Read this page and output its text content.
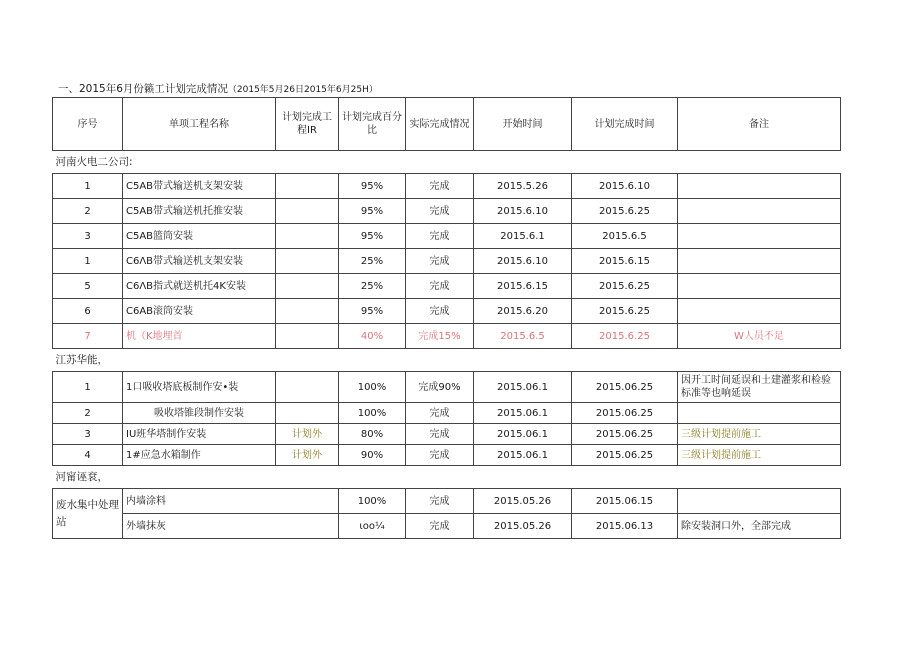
一、2015年6月份籁工计划完成情况（2015年5月26日2015年6月25H）
序号	单项工程名称	计划完成工程IR	计划完成百分比	实际完成情况	开始时间	计划完成时间	备注
河南火电二公司:							
1	C5AB带式输送机支架安装		95%	完成	2015.5.26	2015.6.10	
2	C5AB带式输送机托推安装		95%	完成	2015.6.10	2015.6.25	
3	C5AB篮筒安装		95%	完成	2015.6.1	2015.6.5	
1	C6ΛB带式输送机支架安装		25%	完成	2015.6.10	2015.6.15	
5	C6ΛB指式就送机托4K安装		25%	完成	2015.6.15	2015.6.25	
6	C6AB滚筒安装		95%	完成	2015.6.20	2015.6.25	
7	机（K地埋首		40%	完成15%	2015.6.5	2015.6.25	W人员不足
江苏华能，							
1	1口吸收塔底板制作安•装		100%	完成90%	2015.06.1	2015.06.25	因开工时间延误和土建灌浆和检验标准等也响延误
2	吸收塔锥段制作安装		100%	完成	2015.06.1	2015.06.25	
3	IU班华塔制作安装	计划外	80%	完成	2015.06.1	2015.06.25	三级计划提前施工
4	1#应急水箱制作	计划外	90%	完成	2015.06.1	2015.06.25	三级计划提前施工
河甯诬袞，							
废水集中处理站	内墙涂料		100%	完成	2015.05.26	2015.06.15	
	外墙抹灰		ιoo¼	完成	2015.05.26	2015.06.13	除安装洞口外，全部完成
